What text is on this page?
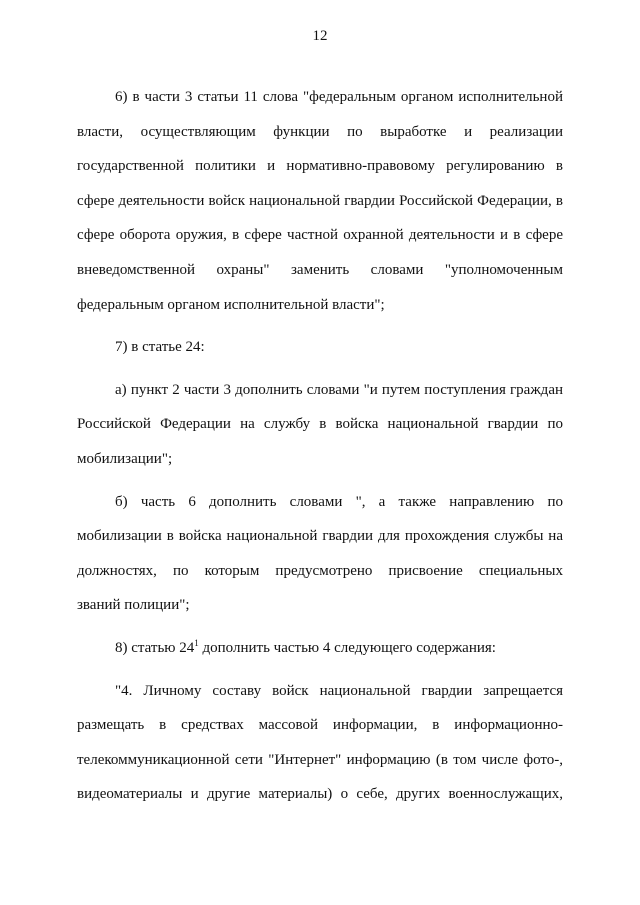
12
6) в части 3 статьи 11 слова "федеральным органом исполнительной
власти, осуществляющим функции по выработке и реализации
государственной политики и нормативно-правовому регулированию в
сфере деятельности войск национальной гвардии Российской Федерации, в
сфере оборота оружия, в сфере частной охранной деятельности и в сфере
вневедомственной охраны" заменить словами "уполномоченным
федеральным органом исполнительной власти";
7) в статье 24:
а) пункт 2 части 3 дополнить словами "и путем поступления граждан
Российской Федерации на службу в войска национальной гвардии по
мобилизации";
б) часть 6 дополнить словами ", а также направлению по
мобилизации в войска национальной гвардии для прохождения службы на
должностях, по которым предусмотрено присвоение специальных
званий полиции";
8) статью $24^1$ дополнить частью 4 следующего содержания:
"4. Личному составу войск национальной гвардии запрещается
размещать в средствах массовой информации, в информационно-
телекоммуникационной сети "Интернет" информацию (в том числе фото-,
видеоматериалы и другие материалы) о себе, других военнослужащих,
